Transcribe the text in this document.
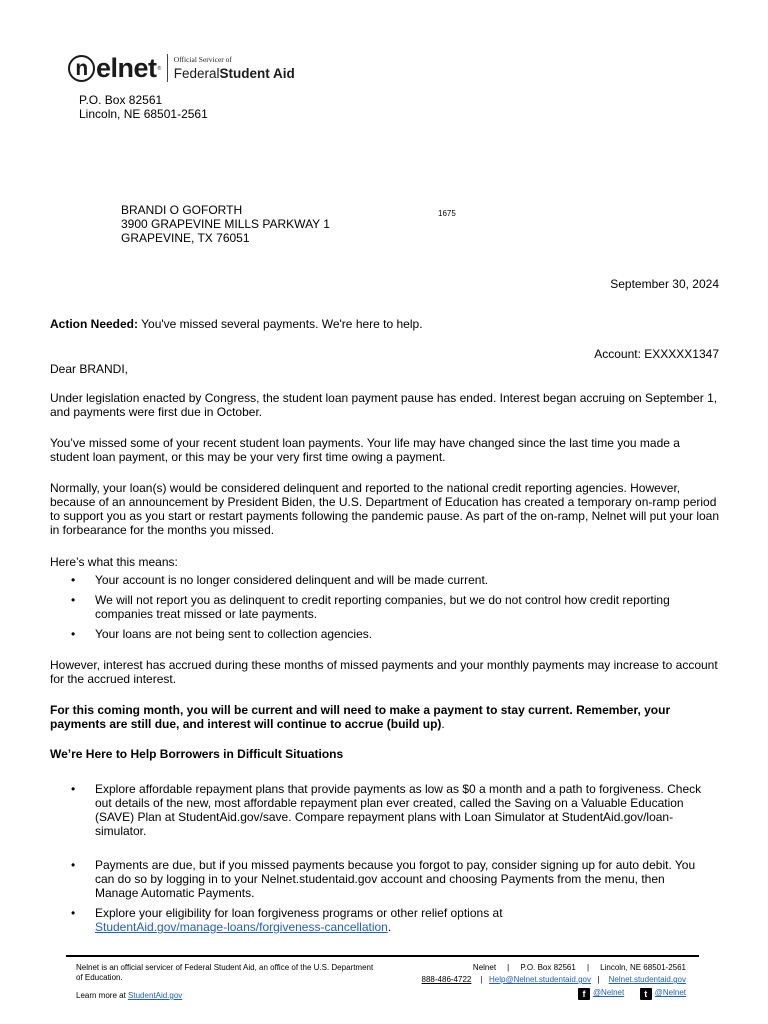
n elnet ®
Official Servicer of
FederalStudent Aid
P.O. Box 82561
Lincoln, NE 68501-2561
BRANDI O GOFORTH
3900 GRAPEVINE MILLS PARKWAY 1
GRAPEVINE, TX 76051
1675
September 30, 2024
Action Needed: You've missed several payments. We're here to help.
Account: EXXXXX1347
Dear BRANDI,

Under legislation enacted by Congress, the student loan payment pause has ended. Interest began accruing on September 1, and payments were first due in October.

You’ve missed some of your recent student loan payments. Your life may have changed since the last time you made a student loan payment, or this may be your very first time owing a payment.

Normally, your loan(s) would be considered delinquent and reported to the national credit reporting agencies. However, because of an announcement by President Biden, the U.S. Department of Education has created a temporary on-ramp period to support you as you start or restart payments following the pandemic pause. As part of the on-ramp, Nelnet will put your loan in forbearance for the months you missed.

Here’s what this means:
• Your account is no longer considered delinquent and will be made current.
• We will not report you as delinquent to credit reporting companies, but we do not control how credit reporting companies treat missed or late payments.
• Your loans are not being sent to collection agencies.

However, interest has accrued during these months of missed payments and your monthly payments may increase to account for the accrued interest.

For this coming month, you will be current and will need to make a payment to stay current. Remember, your payments are still due, and interest will continue to accrue (build up).

We’re Here to Help Borrowers in Difficult Situations
• Explore affordable repayment plans that provide payments as low as $0 a month and a path to forgiveness. Check out details of the new, most affordable repayment plan ever created, called the Saving on a Valuable Education (SAVE) Plan at StudentAid.gov/save. Compare repayment plans with Loan Simulator at StudentAid.gov/loan-simulator.
• Payments are due, but if you missed payments because you forgot to pay, consider signing up for auto debit. You can do so by logging in to your Nelnet.studentaid.gov account and choosing Payments from the menu, then Manage Automatic Payments.
• Explore your eligibility for loan forgiveness programs or other relief options at
StudentAid.gov/manage-loans/forgiveness-cancellation.
Nelnet is an official servicer of Federal Student Aid, an office of the U.S. Department of Education.
Learn more at StudentAid.gov
Nelnet | P.O. Box 82561 | Lincoln, NE 68501-2561
888-486-4722 | Help@Nelnet.studentaid.gov | Nelnet.studentaid.gov
f @Nelnet t @Nelnet
